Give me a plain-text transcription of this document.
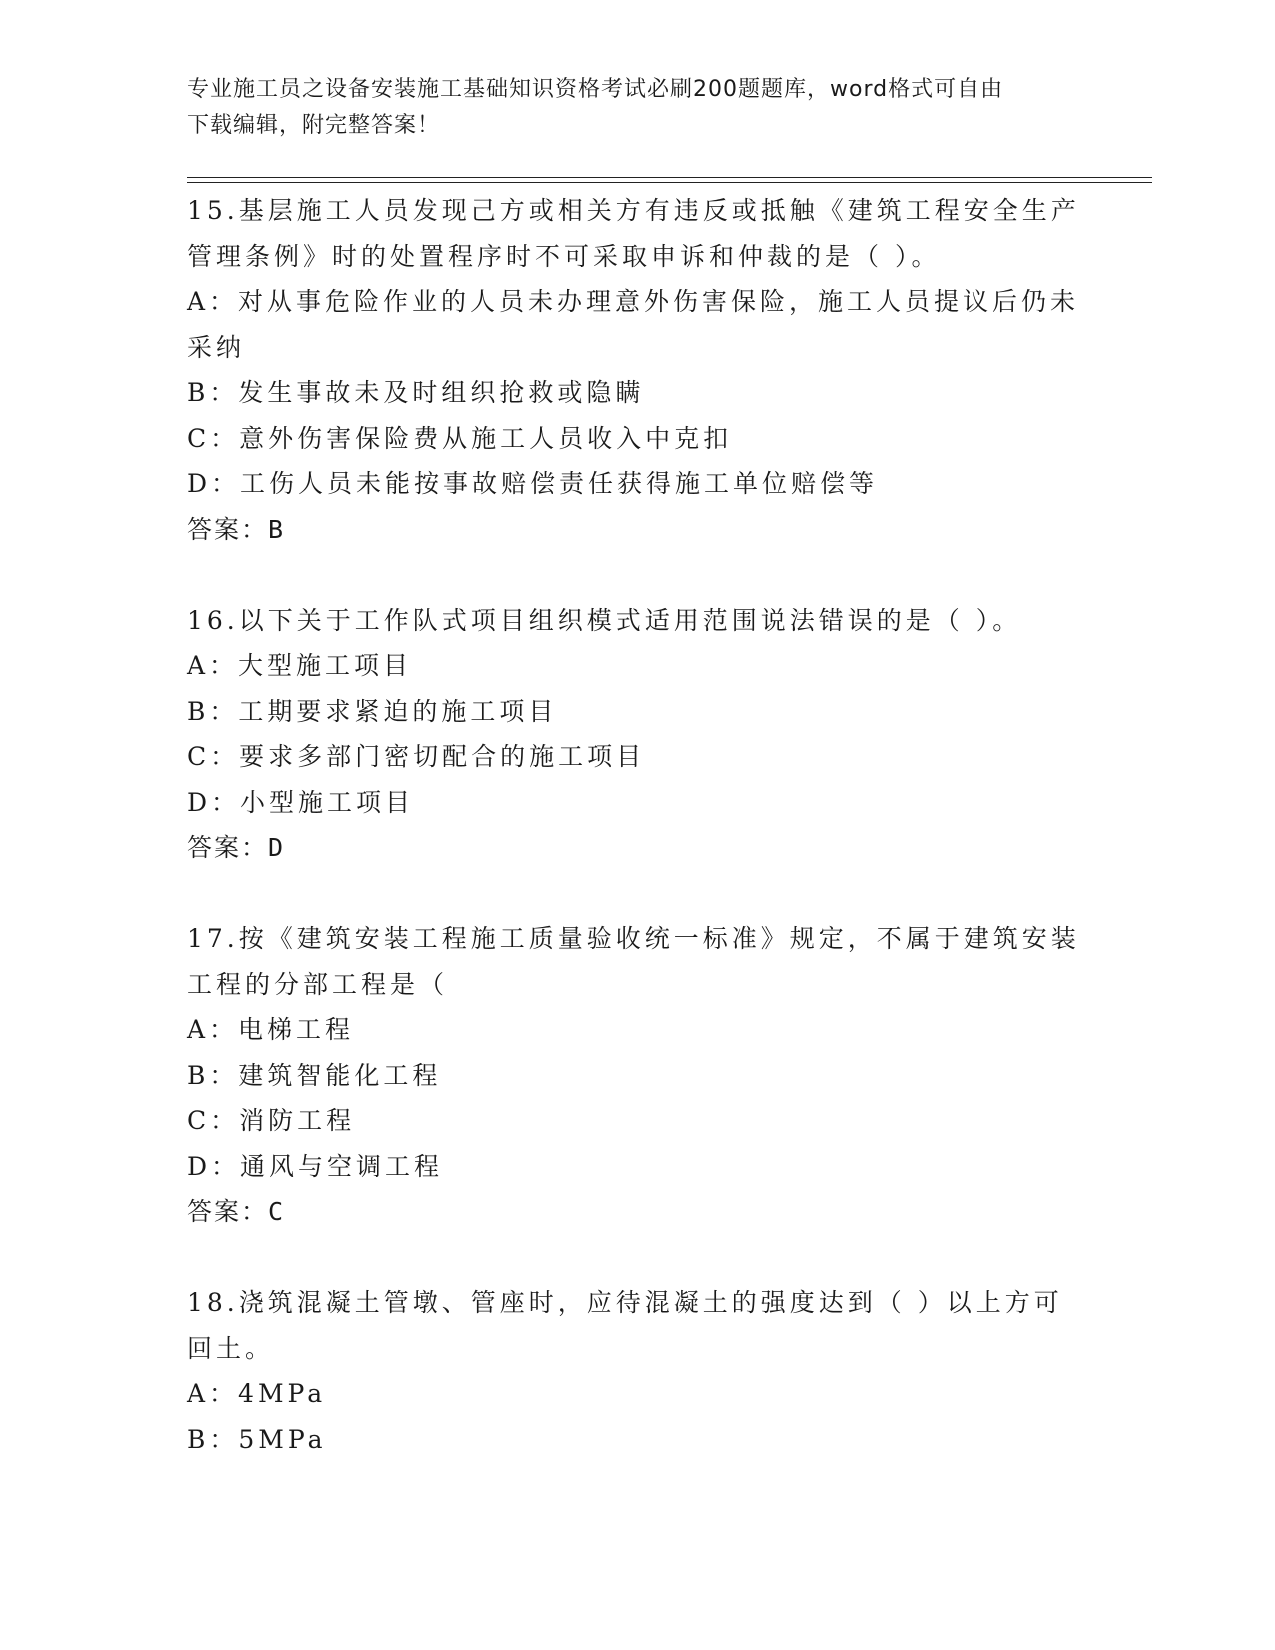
专业施工员之设备安装施工基础知识资格考试必刷200题题库，word格式可自由
下载编辑，附完整答案！

15.基层施工人员发现己方或相关方有违反或抵触《建筑工程安全生产

管理条例》时的处置程序时不可采取申诉和仲裁的是（ ）。

A：对从事危险作业的人员未办理意外伤害保险，施工人员提议后仍未

采纳

B：发生事故未及时组织抢救或隐瞒

C：意外伤害保险费从施工人员收入中克扣

D：工伤人员未能按事故赔偿责任获得施工单位赔偿等

答案：B

16.以下关于工作队式项目组织模式适用范围说法错误的是（ ）。

A：大型施工项目

B：工期要求紧迫的施工项目

C：要求多部门密切配合的施工项目

D：小型施工项目

答案：D

17.按《建筑安装工程施工质量验收统一标准》规定，不属于建筑安装

工程的分部工程是（

A：电梯工程

B：建筑智能化工程

C：消防工程

D：通风与空调工程

答案：C

18.浇筑混凝土管墩、管座时，应待混凝土的强度达到（ ）以上方可

回土。

A：4MPa

B：5MPa
